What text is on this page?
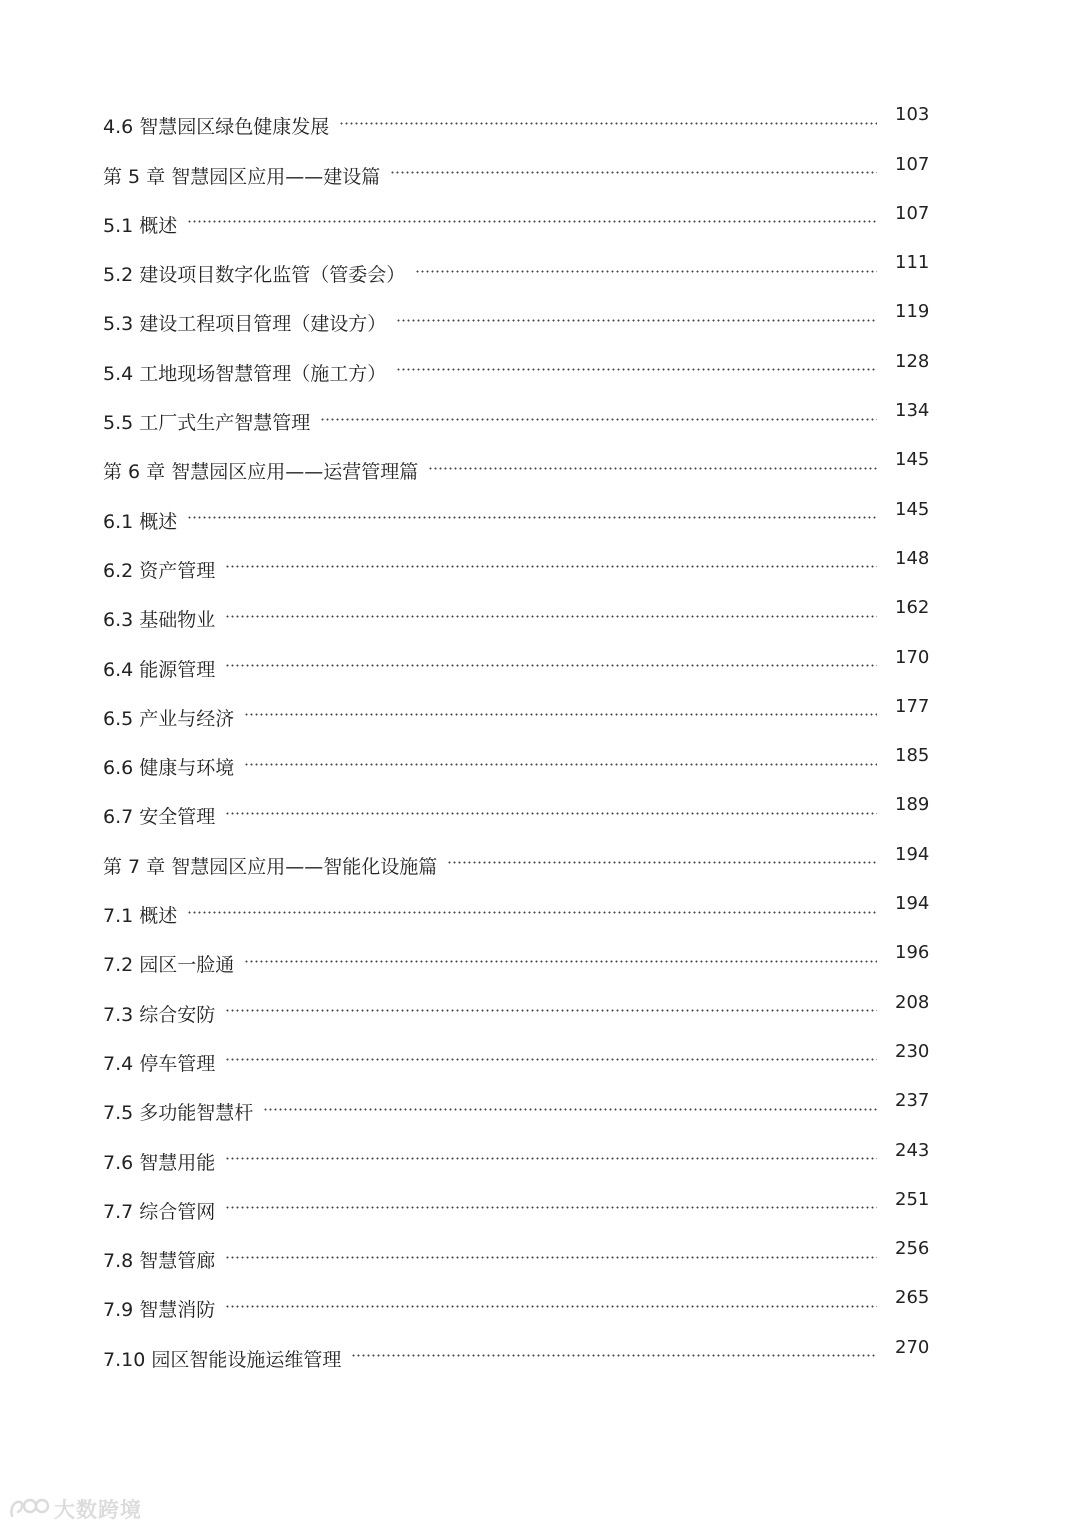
4.6 智慧园区绿色健康发展
103
第 5 章 智慧园区应用——建设篇
107
5.1 概述
107
5.2 建设项目数字化监管（管委会）
111
5.3 建设工程项目管理（建设方）
119
5.4 工地现场智慧管理（施工方）
128
5.5 工厂式生产智慧管理
134
第 6 章 智慧园区应用——运营管理篇
145
6.1 概述
145
6.2 资产管理
148
6.3 基础物业
162
6.4 能源管理
170
6.5 产业与经济
177
6.6 健康与环境
185
6.7 安全管理
189
第 7 章 智慧园区应用——智能化设施篇
194
7.1 概述
194
7.2 园区一脸通
196
7.3 综合安防
208
7.4 停车管理
230
7.5 多功能智慧杆
237
7.6 智慧用能
243
7.7 综合管网
251
7.8 智慧管廊
256
7.9 智慧消防
265
7.10 园区智能设施运维管理
270
大数跨境
